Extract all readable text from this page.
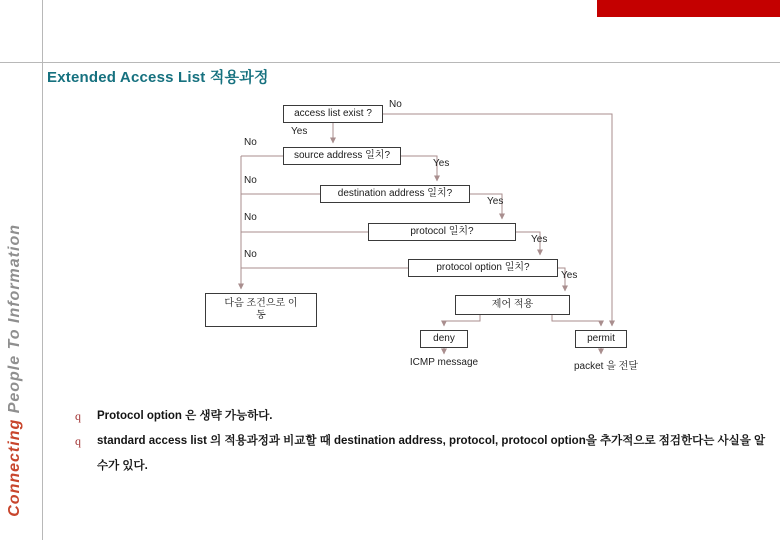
Extended Access List 적용과정
Connecting People To Information
access list exist ?
source address 일치?
destination address 일치?
protocol 일치?
protocol option 일치?
다음 조건으로 이동
제어 적용
deny	permit
ICMP message	packet 을 전달
No
Yes
No
Yes
No
Yes
No
Yes
No
Yes
q	Protocol option 은 생략 가능하다.
q	standard access list 의 적용과정과 비교할 때 destination address, protocol, protocol option을 추가적으로 점검한다는 사실을 알 수가 있다.
